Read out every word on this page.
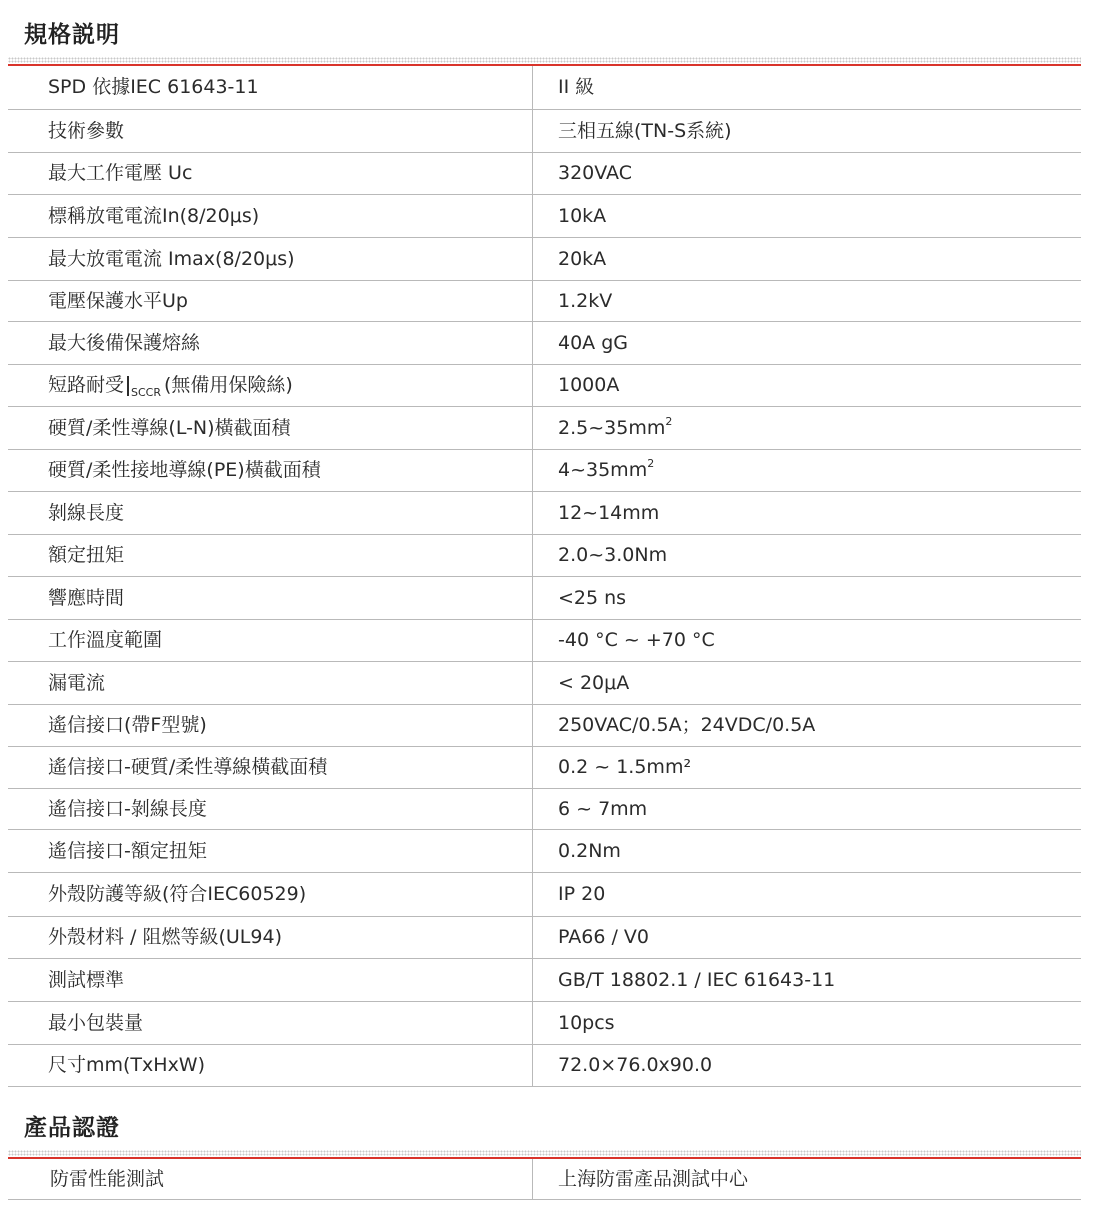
規格説明
SPD 依據IEC 61643-11	II 級
技術參數	三相五線(TN-S系統)
最大工作電壓 Uc	320VAC
標稱放電電流In(8/20μs)	10kA
最大放電電流 Imax(8/20μs)	20kA
電壓保護水平Up	1.2kV
最大後備保護熔絲	40A gG
短路耐受 SCCR (無備用保險絲)	1000A
硬質/柔性導線(L-N)橫截面積	2.5~35mm 2
硬質/柔性接地導線(PE)橫截面積	4~35mm 2
剝線長度	12~14mm
額定扭矩	2.0~3.0Nm
響應時間	<25 ns
工作溫度範圍	-40 °C ~ +70 °C
漏電流	< 20μA
遙信接口(帶F型號)	250VAC/0.5A；24VDC/0.5A
遙信接口-硬質/柔性導線橫截面積	0.2 ~ 1.5mm²
遙信接口-剝線長度	6 ~ 7mm
遙信接口-額定扭矩	0.2Nm
外殼防護等級(符合IEC60529)	IP 20
外殼材料 / 阻燃等級(UL94)	PA66 / V0
測試標準	GB/T 18802.1 / IEC 61643-11
最小包裝量	10pcs
尺寸mm(TxHxW)	72.0×76.0x90.0
產品認證
防雷性能測試	上海防雷產品測試中心
